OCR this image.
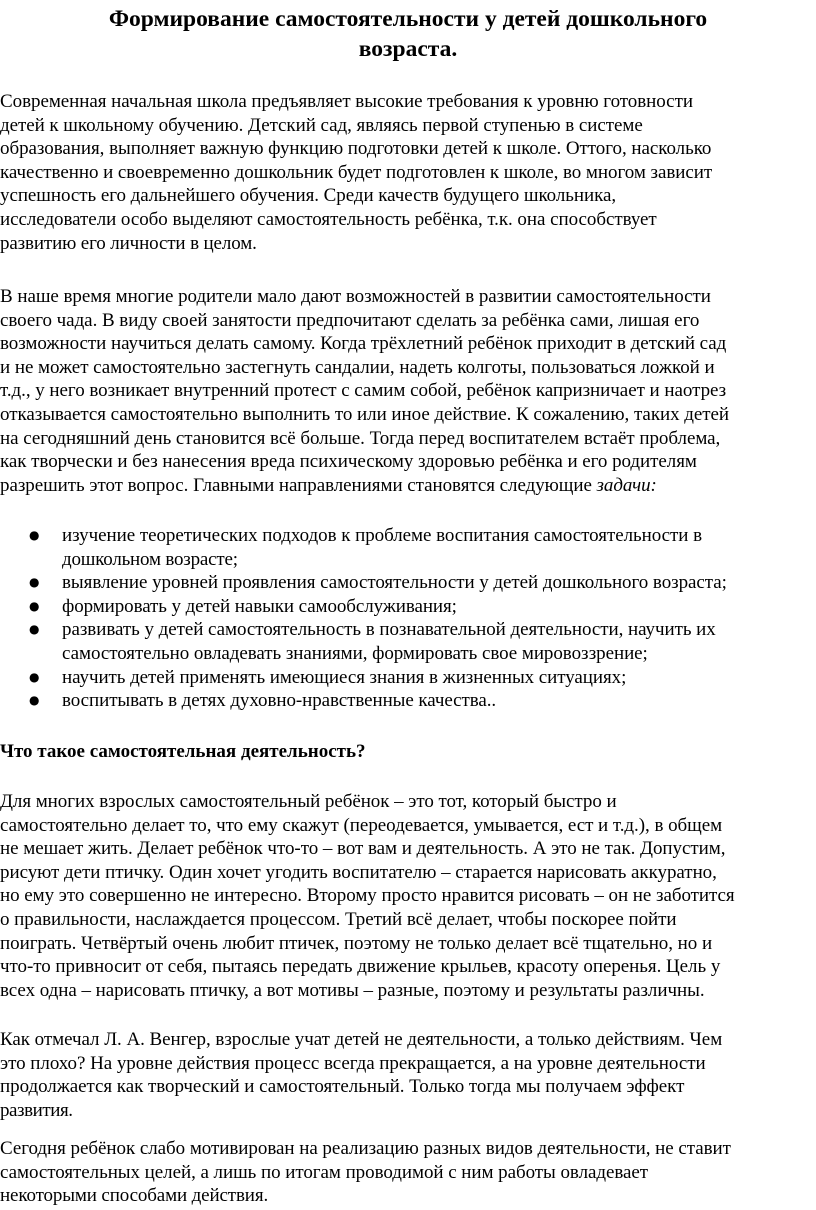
Формирование самостоятельности у детей дошкольного
возраста.

Современная начальная школа предъявляет высокие требования к уровню готовности
детей к школьному обучению. Детский сад, являясь первой ступенью в системе
образования, выполняет важную функцию подготовки детей к школе. Оттого, насколько
качественно и своевременно дошкольник будет подготовлен к школе, во многом зависит
успешность его дальнейшего обучения. Среди качеств будущего школьника,
исследователи особо выделяют самостоятельность ребёнка, т.к. она способствует
развитию его личности в целом.

В наше время многие родители мало дают возможностей в развитии самостоятельности
своего чада. В виду своей занятости предпочитают сделать за ребёнка сами, лишая его
возможности научиться делать самому. Когда трёхлетний ребёнок приходит в детский сад
и не может самостоятельно застегнуть сандалии, надеть колготы, пользоваться ложкой и
т.д., у него возникает внутренний протест с самим собой, ребёнок капризничает и наотрез
отказывается самостоятельно выполнить то или иное действие. К сожалению, таких детей
на сегодняшний день становится всё больше. Тогда перед воспитателем встаёт проблема,
как творчески и без нанесения вреда психическому здоровью ребёнка и его родителям
разрешить этот вопрос. Главными направлениями становятся следующие задачи:

● изучение теоретических подходов к проблеме воспитания самостоятельности в
дошкольном возрасте;
● выявление уровней проявления самостоятельности у детей дошкольного возраста;
● формировать у детей навыки самообслуживания;
● развивать у детей самостоятельность в познавательной деятельности, научить их
самостоятельно овладевать знаниями, формировать свое мировоззрение;
● научить детей применять имеющиеся знания в жизненных ситуациях;
● воспитывать в детях духовно-нравственные качества..
Что такое самостоятельная деятельность?

Для многих взрослых самостоятельный ребёнок – это тот, который быстро и
самостоятельно делает то, что ему скажут (переодевается, умывается, ест и т.д.), в общем
не мешает жить. Делает ребёнок что-то – вот вам и деятельность. А это не так. Допустим,
рисуют дети птичку. Один хочет угодить воспитателю – старается нарисовать аккуратно,
но ему это совершенно не интересно. Второму просто нравится рисовать – он не заботится
о правильности, наслаждается процессом. Третий всё делает, чтобы поскорее пойти
поиграть. Четвёртый очень любит птичек, поэтому не только делает всё тщательно, но и
что-то привносит от себя, пытаясь передать движение крыльев, красоту оперенья. Цель у
всех одна – нарисовать птичку, а вот мотивы – разные, поэтому и результаты различны.

Как отмечал Л. А. Венгер, взрослые учат детей не деятельности, а только действиям. Чем
это плохо? На уровне действия процесс всегда прекращается, а на уровне деятельности
продолжается как творческий и самостоятельный. Только тогда мы получаем эффект
развития.

Сегодня ребёнок слабо мотивирован на реализацию разных видов деятельности, не ставит
самостоятельных целей, а лишь по итогам проводимой с ним работы овладевает
некоторыми способами действия.
